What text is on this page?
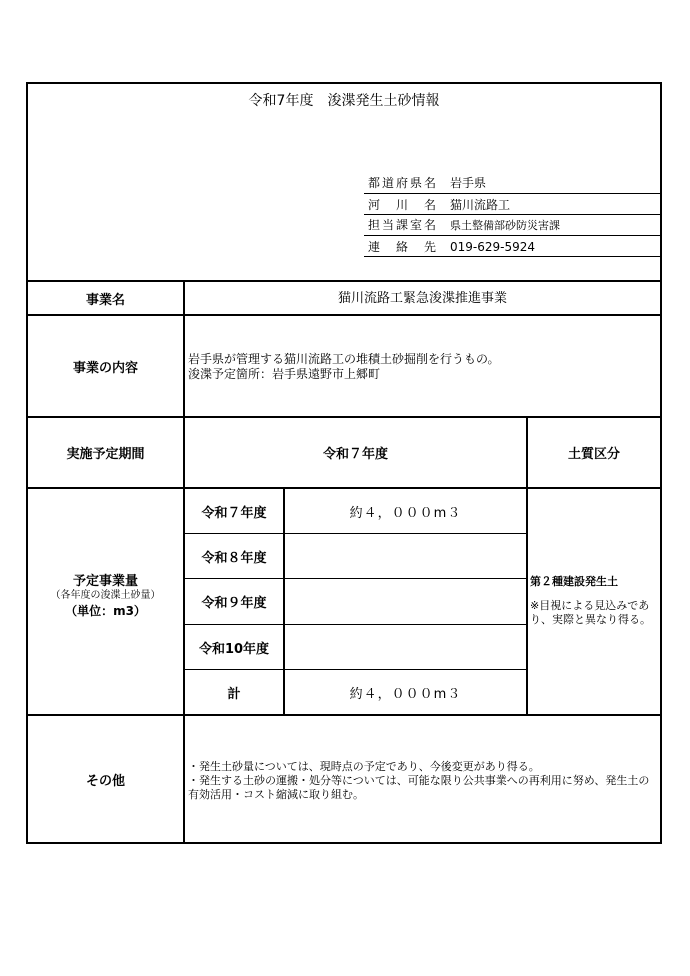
令和7年度　浚渫発生土砂情報
都道府県名 岩手県
河　川　名 猫川流路工
担当課室名 県土整備部砂防災害課
連　絡　先 019-629-5924
事業名	猫川流路工緊急浚渫推進事業
事業の内容
岩手県が管理する猫川流路工の堆積土砂掘削を行うもの。
浚渫予定箇所：岩手県遠野市上郷町
実施予定期間	令和７年度	土質区分
予定事業量
（各年度の浚渫土砂量）
（単位：m3）
令和７年度	約４，０００m３
令和８年度
令和９年度
令和10年度
計	約４，０００m３
第２種建設発生土
※目視による見込みであり、実際と異なり得る。
その他
・発生土砂量については、現時点の予定であり、今後変更があり得る。
・発生する土砂の運搬・処分等については、可能な限り公共事業への再利用に努め、発生土の有効活用・コスト縮減に取り組む。
